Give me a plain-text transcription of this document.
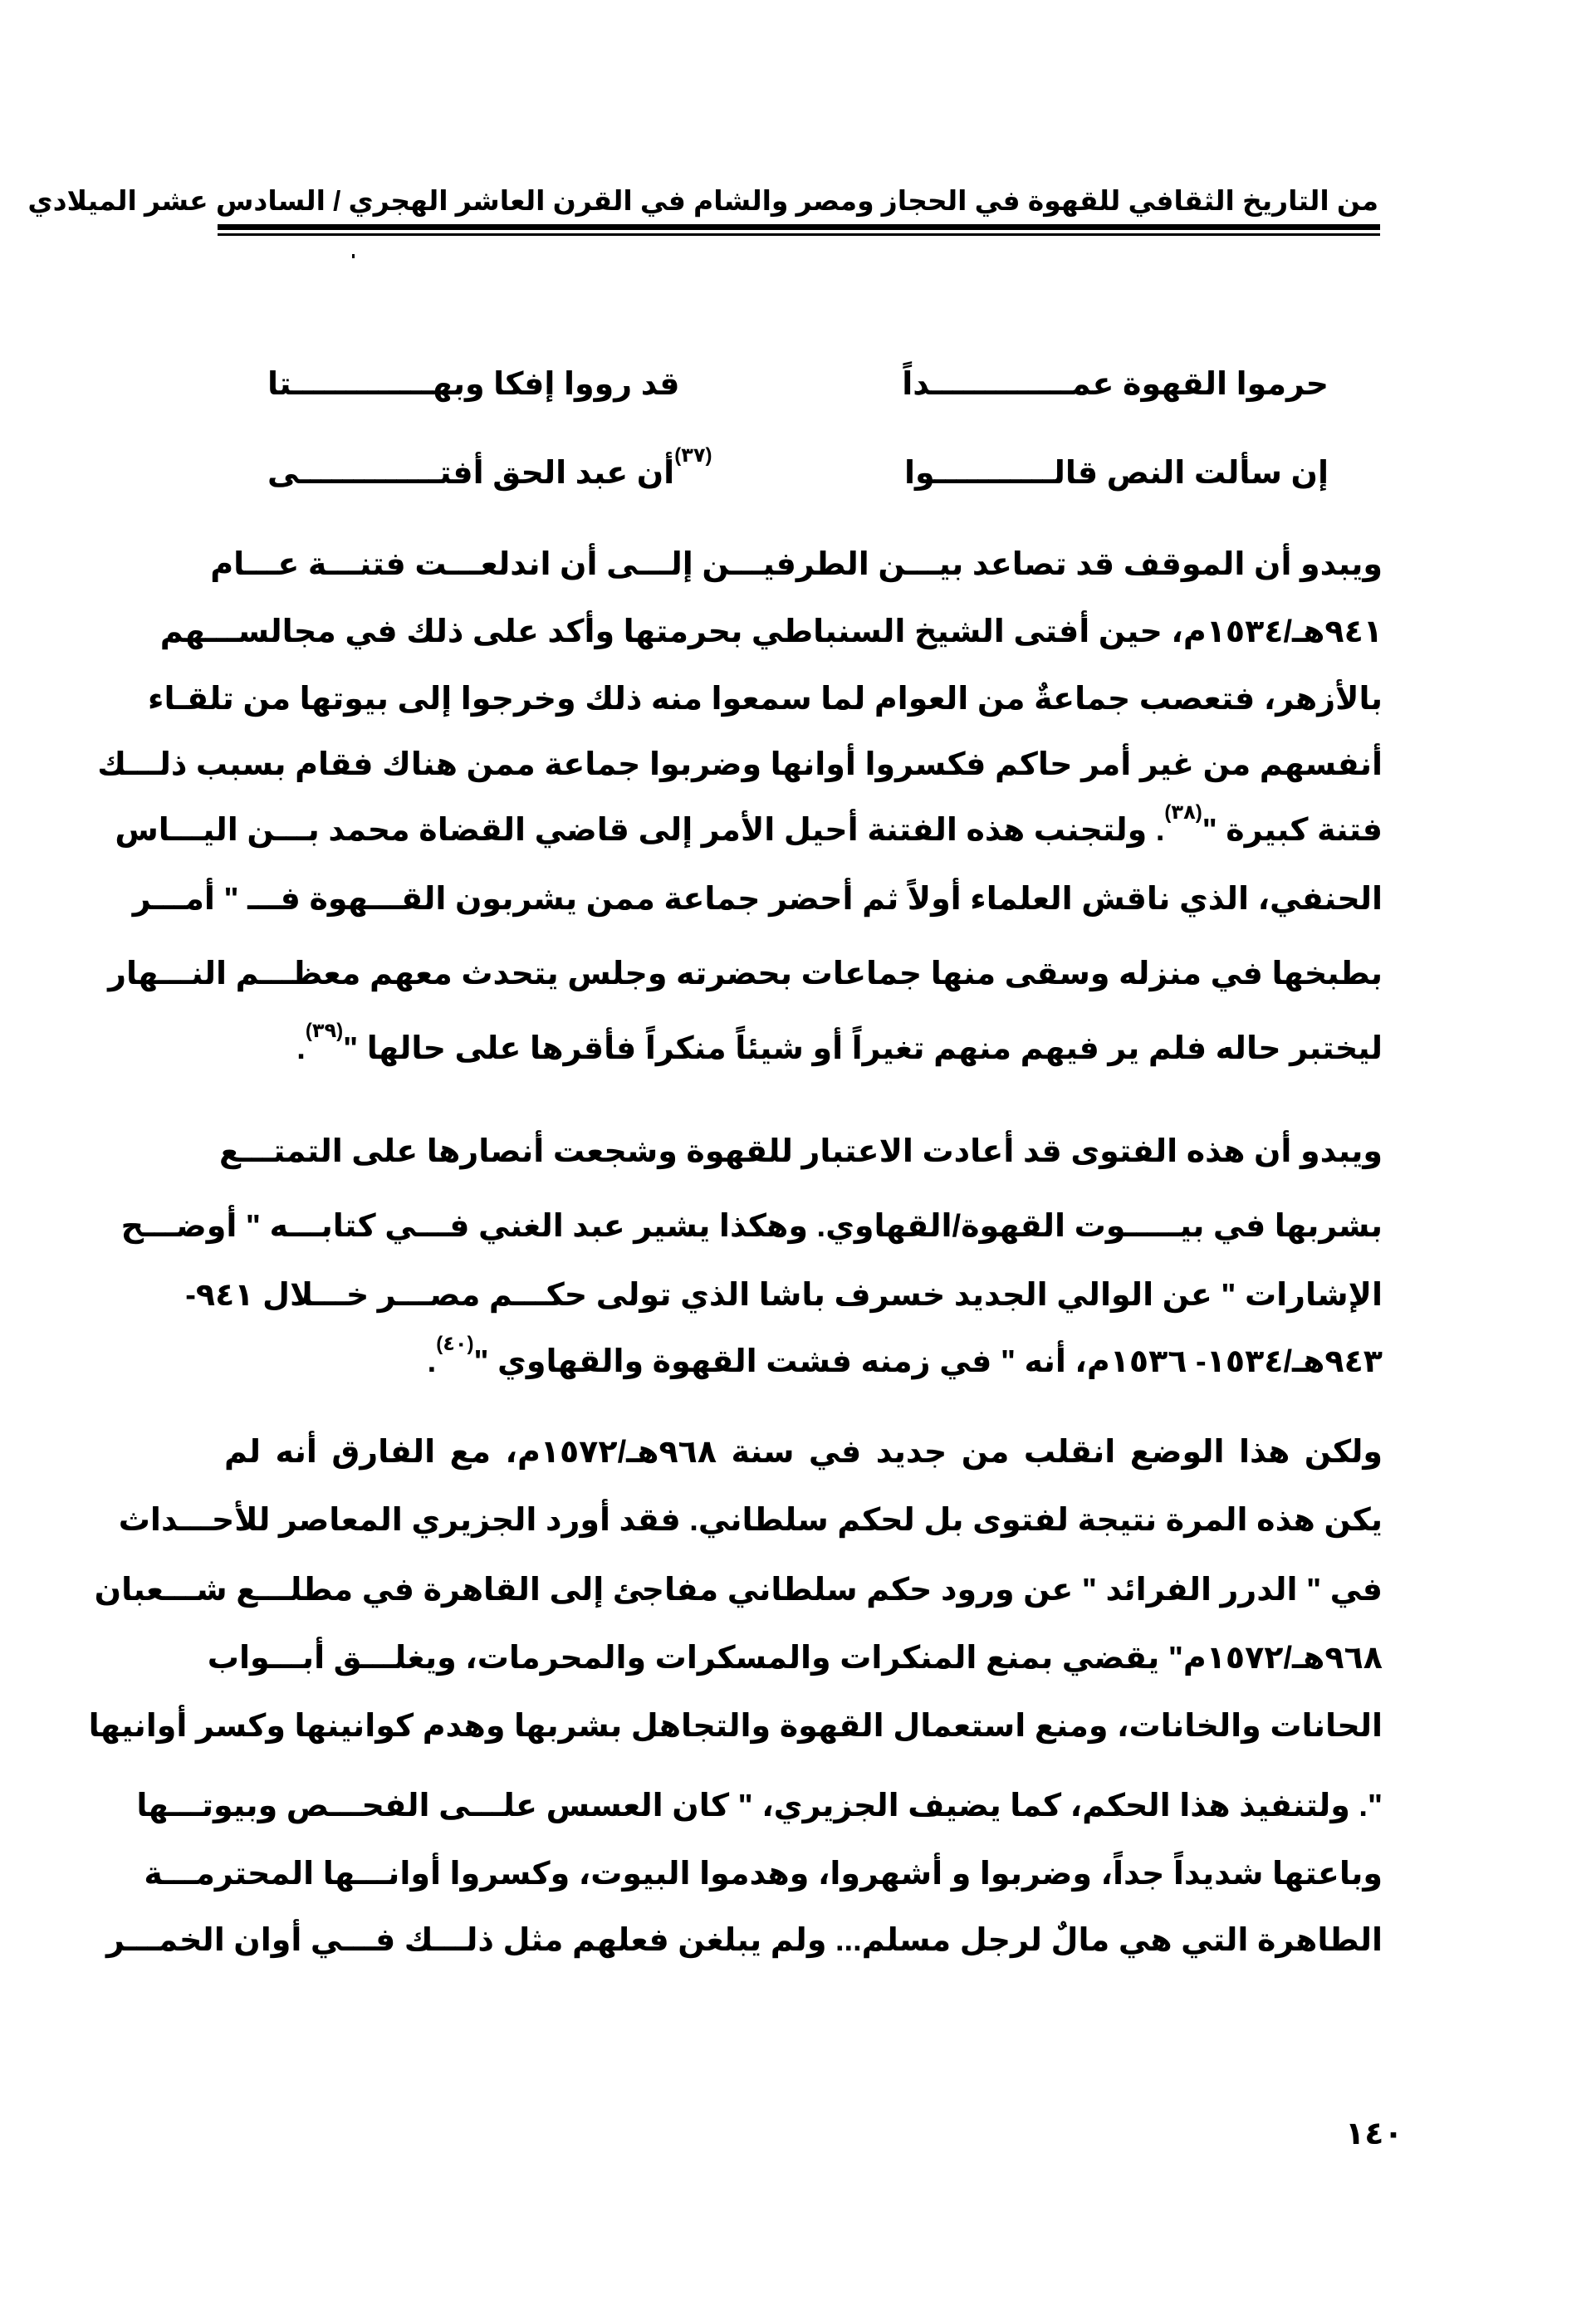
من التاريخ الثقافي للقهوة في الحجاز ومصر والشام في القرن العاشر الهجري / السادس عشر الميلادي
حرموا القهوة عمـــــــــــــداً
قد رووا إفكا وبهـــــــــــــتا
إن سألت النص قالـــــــــــوا
$^{(٣٧)}$أن عبد الحق أفتـــــــــــــى
ويبدو أن الموقف قد تصاعد بيـــن الطرفيـــن إلـــى أن اندلعـــت فتنـــة عـــام
٩٤١هـ/١٥٣٤م، حين أفتى الشيخ السنباطي بحرمتها وأكد على ذلك في مجالســـهم
بالأزهر، فتعصب جماعةٌ من العوام لما سمعوا منه ذلك وخرجوا إلى بيوتها من تلقـاء
أنفسهم من غير أمر حاكم فكسروا أوانها وضربوا جماعة ممن هناك فقام بسبب ذلـــك
فتنة كبيرة "$^{(٣٨)}$. ولتجنب هذه الفتنة أحيل الأمر إلى قاضي القضاة محمد بـــن اليـــاس
الحنفي، الذي ناقش العلماء أولاً ثم أحضر جماعة ممن يشربون القـــهوة فـــ " أمـــر
بطبخها في منزله وسقى منها جماعات بحضرته وجلس يتحدث معهم معظـــم النـــهار
ليختبر حاله فلم ير فيهم منهم تغيراً أو شيئاً منكراً فأقرها على حالها "$^{(٣٩)}$.
ويبدو أن هذه الفتوى قد أعادت الاعتبار للقهوة وشجعت أنصارها على التمتـــع
بشربها في بيـــــوت القهوة/القهاوي. وهكذا يشير عبد الغني فـــي كتابـــه " أوضـــح
الإشارات " عن الوالي الجديد خسرف باشا الذي تولى حكـــم مصـــر خـــلال ٩٤١-
٩٤٣هـ/١٥٣٤- ١٥٣٦م، أنه " في زمنه فشت القهوة والقهاوي "$^{(٤٠)}$.
ولكن هذا الوضع انقلب من جديد في سنة ٩٦٨هـ/١٥٧٢م، مع الفارق أنه لم
يكن هذه المرة نتيجة لفتوى بل لحكم سلطاني. فقد أورد الجزيري المعاصر للأحـــداث
في " الدرر الفرائد " عن ورود حكم سلطاني مفاجئ إلى القاهرة في مطلـــع شـــعبان
٩٦٨هـ/١٥٧٢م" يقضي بمنع المنكرات والمسكرات والمحرمات، ويغلـــق أبـــواب
الحانات والخانات، ومنع استعمال القهوة والتجاهل بشربها وهدم كوانينها وكسر أوانيها
". ولتنفيذ هذا الحكم، كما يضيف الجزيري، " كان العسس علـــى الفحـــص وبيوتـــها
وباعتها شديداً جداً، وضربوا و أشهروا، وهدموا البيوت، وكسروا أوانـــها المحترمـــة
الطاهرة التي هي مالٌ لرجل مسلم... ولم يبلغن فعلهم مثل ذلـــك فـــي أوان الخمـــر
١٤٠
